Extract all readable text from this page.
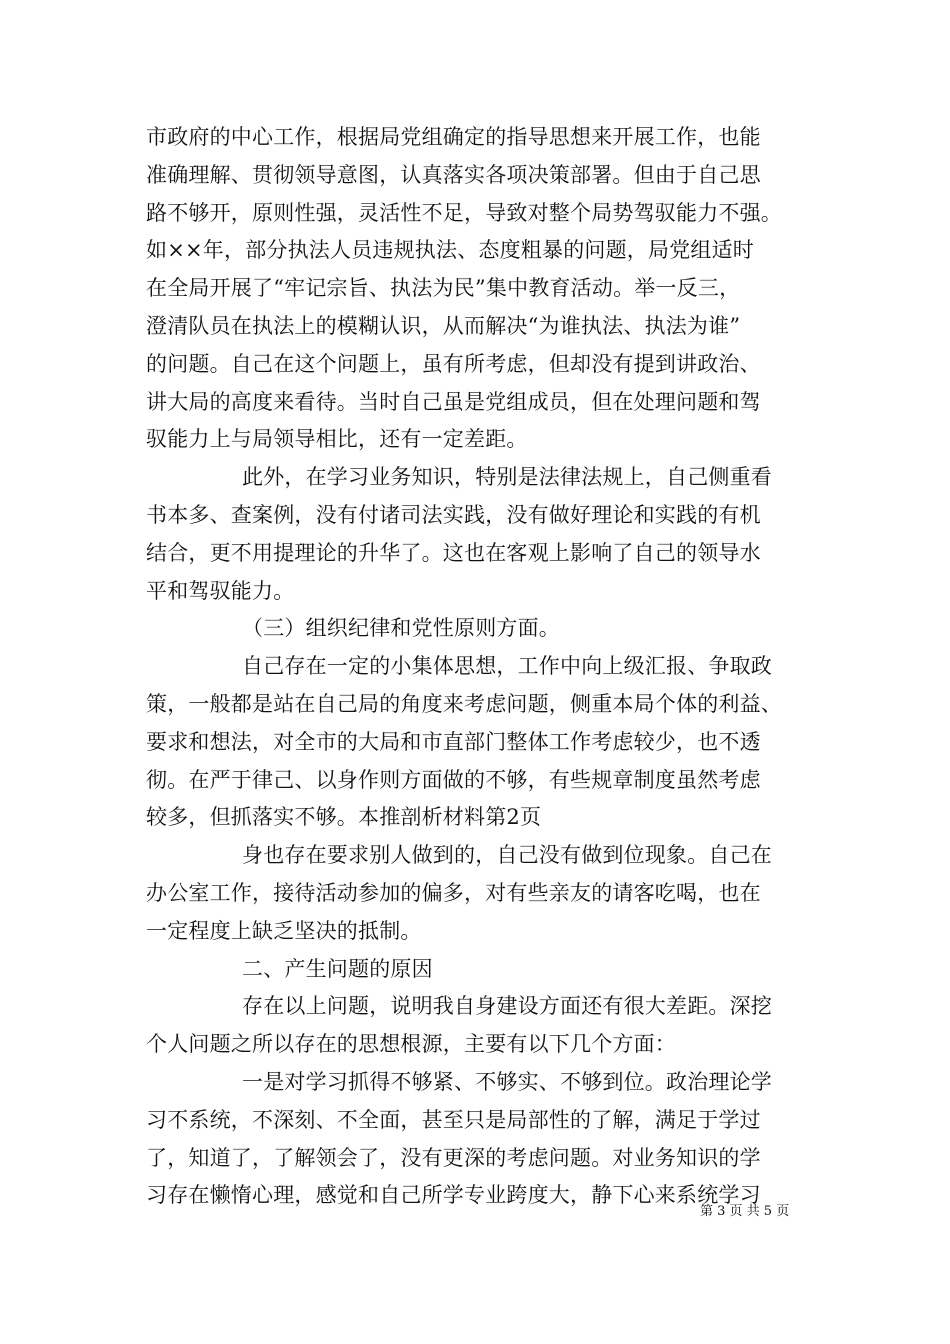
市政府的中心工作，根据局党组确定的指导思想来开展工作，也能
准确理解、贯彻领导意图，认真落实各项决策部署。但由于自己思
路不够开，原则性强，灵活性不足，导致对整个局势驾驭能力不强。
如××年，部分执法人员违规执法、态度粗暴的问题，局党组适时
在全局开展了“牢记宗旨、执法为民”集中教育活动。举一反三，
澄清队员在执法上的模糊认识，从而解决“为谁执法、执法为谁”
的问题。自己在这个问题上，虽有所考虑，但却没有提到讲政治、
讲大局的高度来看待。当时自己虽是党组成员，但在处理问题和驾
驭能力上与局领导相比，还有一定差距。
此外，在学习业务知识，特别是法律法规上，自己侧重看
书本多、查案例，没有付诸司法实践，没有做好理论和实践的有机
结合，更不用提理论的升华了。这也在客观上影响了自己的领导水
平和驾驭能力。
（三）组织纪律和党性原则方面。
自己存在一定的小集体思想，工作中向上级汇报、争取政
策，一般都是站在自己局的角度来考虑问题，侧重本局个体的利益、
要求和想法，对全市的大局和市直部门整体工作考虑较少，也不透
彻。在严于律己、以身作则方面做的不够，有些规章制度虽然考虑
较多，但抓落实不够。本推剖析材料第2页
身也存在要求别人做到的，自己没有做到位现象。自己在
办公室工作，接待活动参加的偏多，对有些亲友的请客吃喝，也在
一定程度上缺乏坚决的抵制。
二、产生问题的原因
存在以上问题，说明我自身建设方面还有很大差距。深挖
个人问题之所以存在的思想根源，主要有以下几个方面：
一是对学习抓得不够紧、不够实、不够到位。政治理论学
习不系统，不深刻、不全面，甚至只是局部性的了解，满足于学过
了，知道了，了解领会了，没有更深的考虑问题。对业务知识的学
习存在懒惰心理，感觉和自己所学专业跨度大，静下心来系统学习
第 3 页 共 5 页
